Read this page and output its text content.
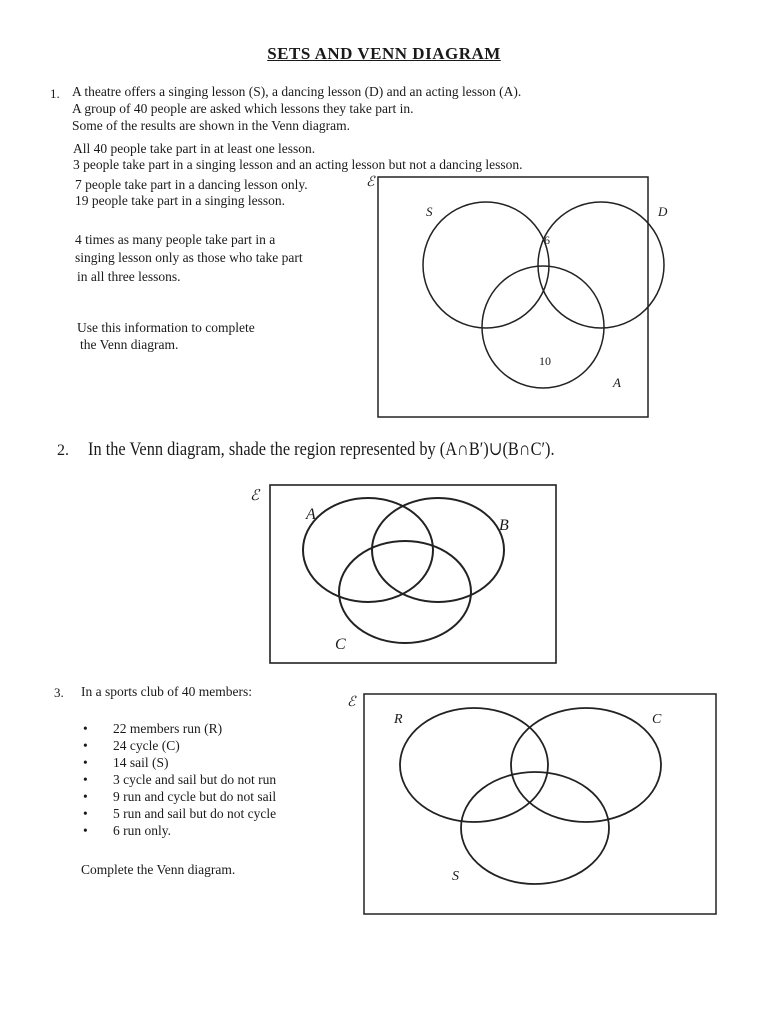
SETS AND VENN DIAGRAM
1. A theatre offers a singing lesson (S), a dancing lesson (D) and an acting lesson (A).
A group of 40 people are asked which lessons they take part in.
Some of the results are shown in the Venn diagram.
All 40 people take part in at least one lesson.
3 people take part in a singing lesson and an acting lesson but not a dancing lesson.
7 people take part in a dancing lesson only.
19 people take part in a singing lesson.
4 times as many people take part in a
singing lesson only as those who take part
in all three lessons.
Use this information to complete
the Venn diagram.
ℰ
S	D
A
6
10
2. In the Venn diagram, shade the region represented by (A∩B′)∪(B∩C′).
ℰ
A
B
C
3. In a sports club of 40 members:
• 22 members run (R)
• 24 cycle (C)
• 14 sail (S)
• 3 cycle and sail but do not run
• 9 run and cycle but do not sail
• 5 run and sail but do not cycle
• 6 run only.
Complete the Venn diagram.
ℰ
R	C
S
